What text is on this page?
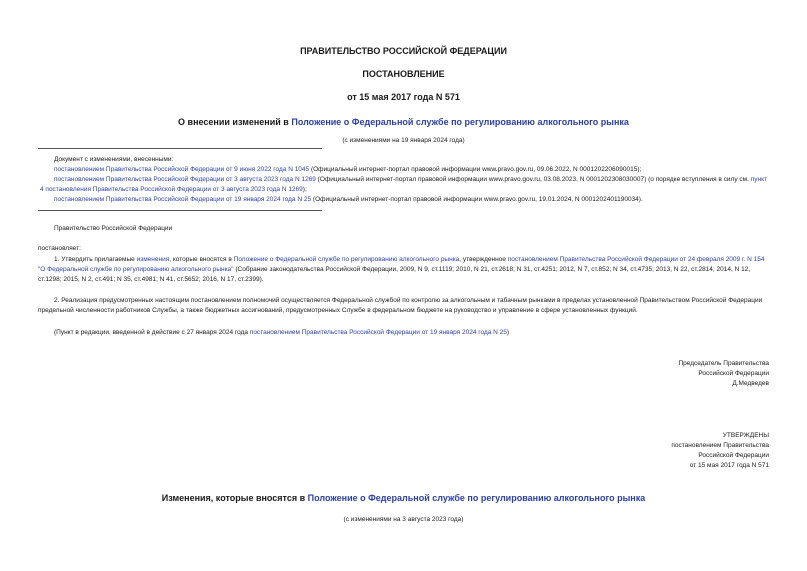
ПРАВИТЕЛЬСТВО РОССИЙСКОЙ ФЕДЕРАЦИИ
ПОСТАНОВЛЕНИЕ
от 15 мая 2017 года N 571
О внесении изменений в Положение о Федеральной службе по регулированию алкогольного рынка
(с изменениями на 19 января 2024 года)

Документ с изменениями, внесенными:

постановлением Правительства Российской Федерации от 9 июня 2022 года N 1045 (Официальный интернет-портал правовой информации www.pravo.gov.ru, 09.06.2022, N 0001202206090015);

постановлением Правительства Российской Федерации от 3 августа 2023 года N 1269 (Официальный интернет-портал правовой информации www.pravo.gov.ru, 03.08.2023, N 0001202308030007) (о порядке вступления в силу см. пункт 4 постановления Правительства Российской Федерации от 3 августа 2023 года N 1269);

постановлением Правительства Российской Федерации от 19 января 2024 года N 25 (Официальный интернет-портал правовой информации www.pravo.gov.ru, 19.01.2024, N 0001202401190034).

Правительство Российской Федерации
постановляет:
1. Утвердить прилагаемые изменения, которые вносятся в Положение о Федеральной службе по регулированию алкогольного рынка, утвержденное постановлением Правительства Российской Федерации от 24 февраля 2009 г. N 154 "О Федеральной службе по регулированию алкогольного рынка" (Собрание законодательства Российской Федерации, 2009, N 9, ст.1119; 2010, N 21, ст.2618; N 31, ст.4251; 2012, N 7, ст.852; N 34, ст.4735; 2013, N 22, ст.2814; 2014, N 12, ст.1298; 2015, N 2, ст.491; N 35, ст.4981; N 41, ст.5652; 2016, N 17, ст.2399).
2. Реализация предусмотренных настоящим постановлением полномочий осуществляется Федеральной службой по контролю за алкогольным и табачным рынками в пределах установленной Правительством Российской Федерации предельной численности работников Службы, а также бюджетных ассигнований, предусмотренных Службе в федеральном бюджете на руководство и управление в сфере установленных функций.
(Пункт в редакции, введенной в действие с 27 января 2024 года постановлением Правительства Российской Федерации от 19 января 2024 года N 25)

Председатель Правительства

Российской Федерации

Д.Медведев

УТВЕРЖДЕНЫ

постановлением Правительства

Российской Федерации

от 15 мая 2017 года N 571

Изменения, которые вносятся в Положение о Федеральной службе по регулированию алкогольного рынка
(с изменениями на 3 августа 2023 года)
